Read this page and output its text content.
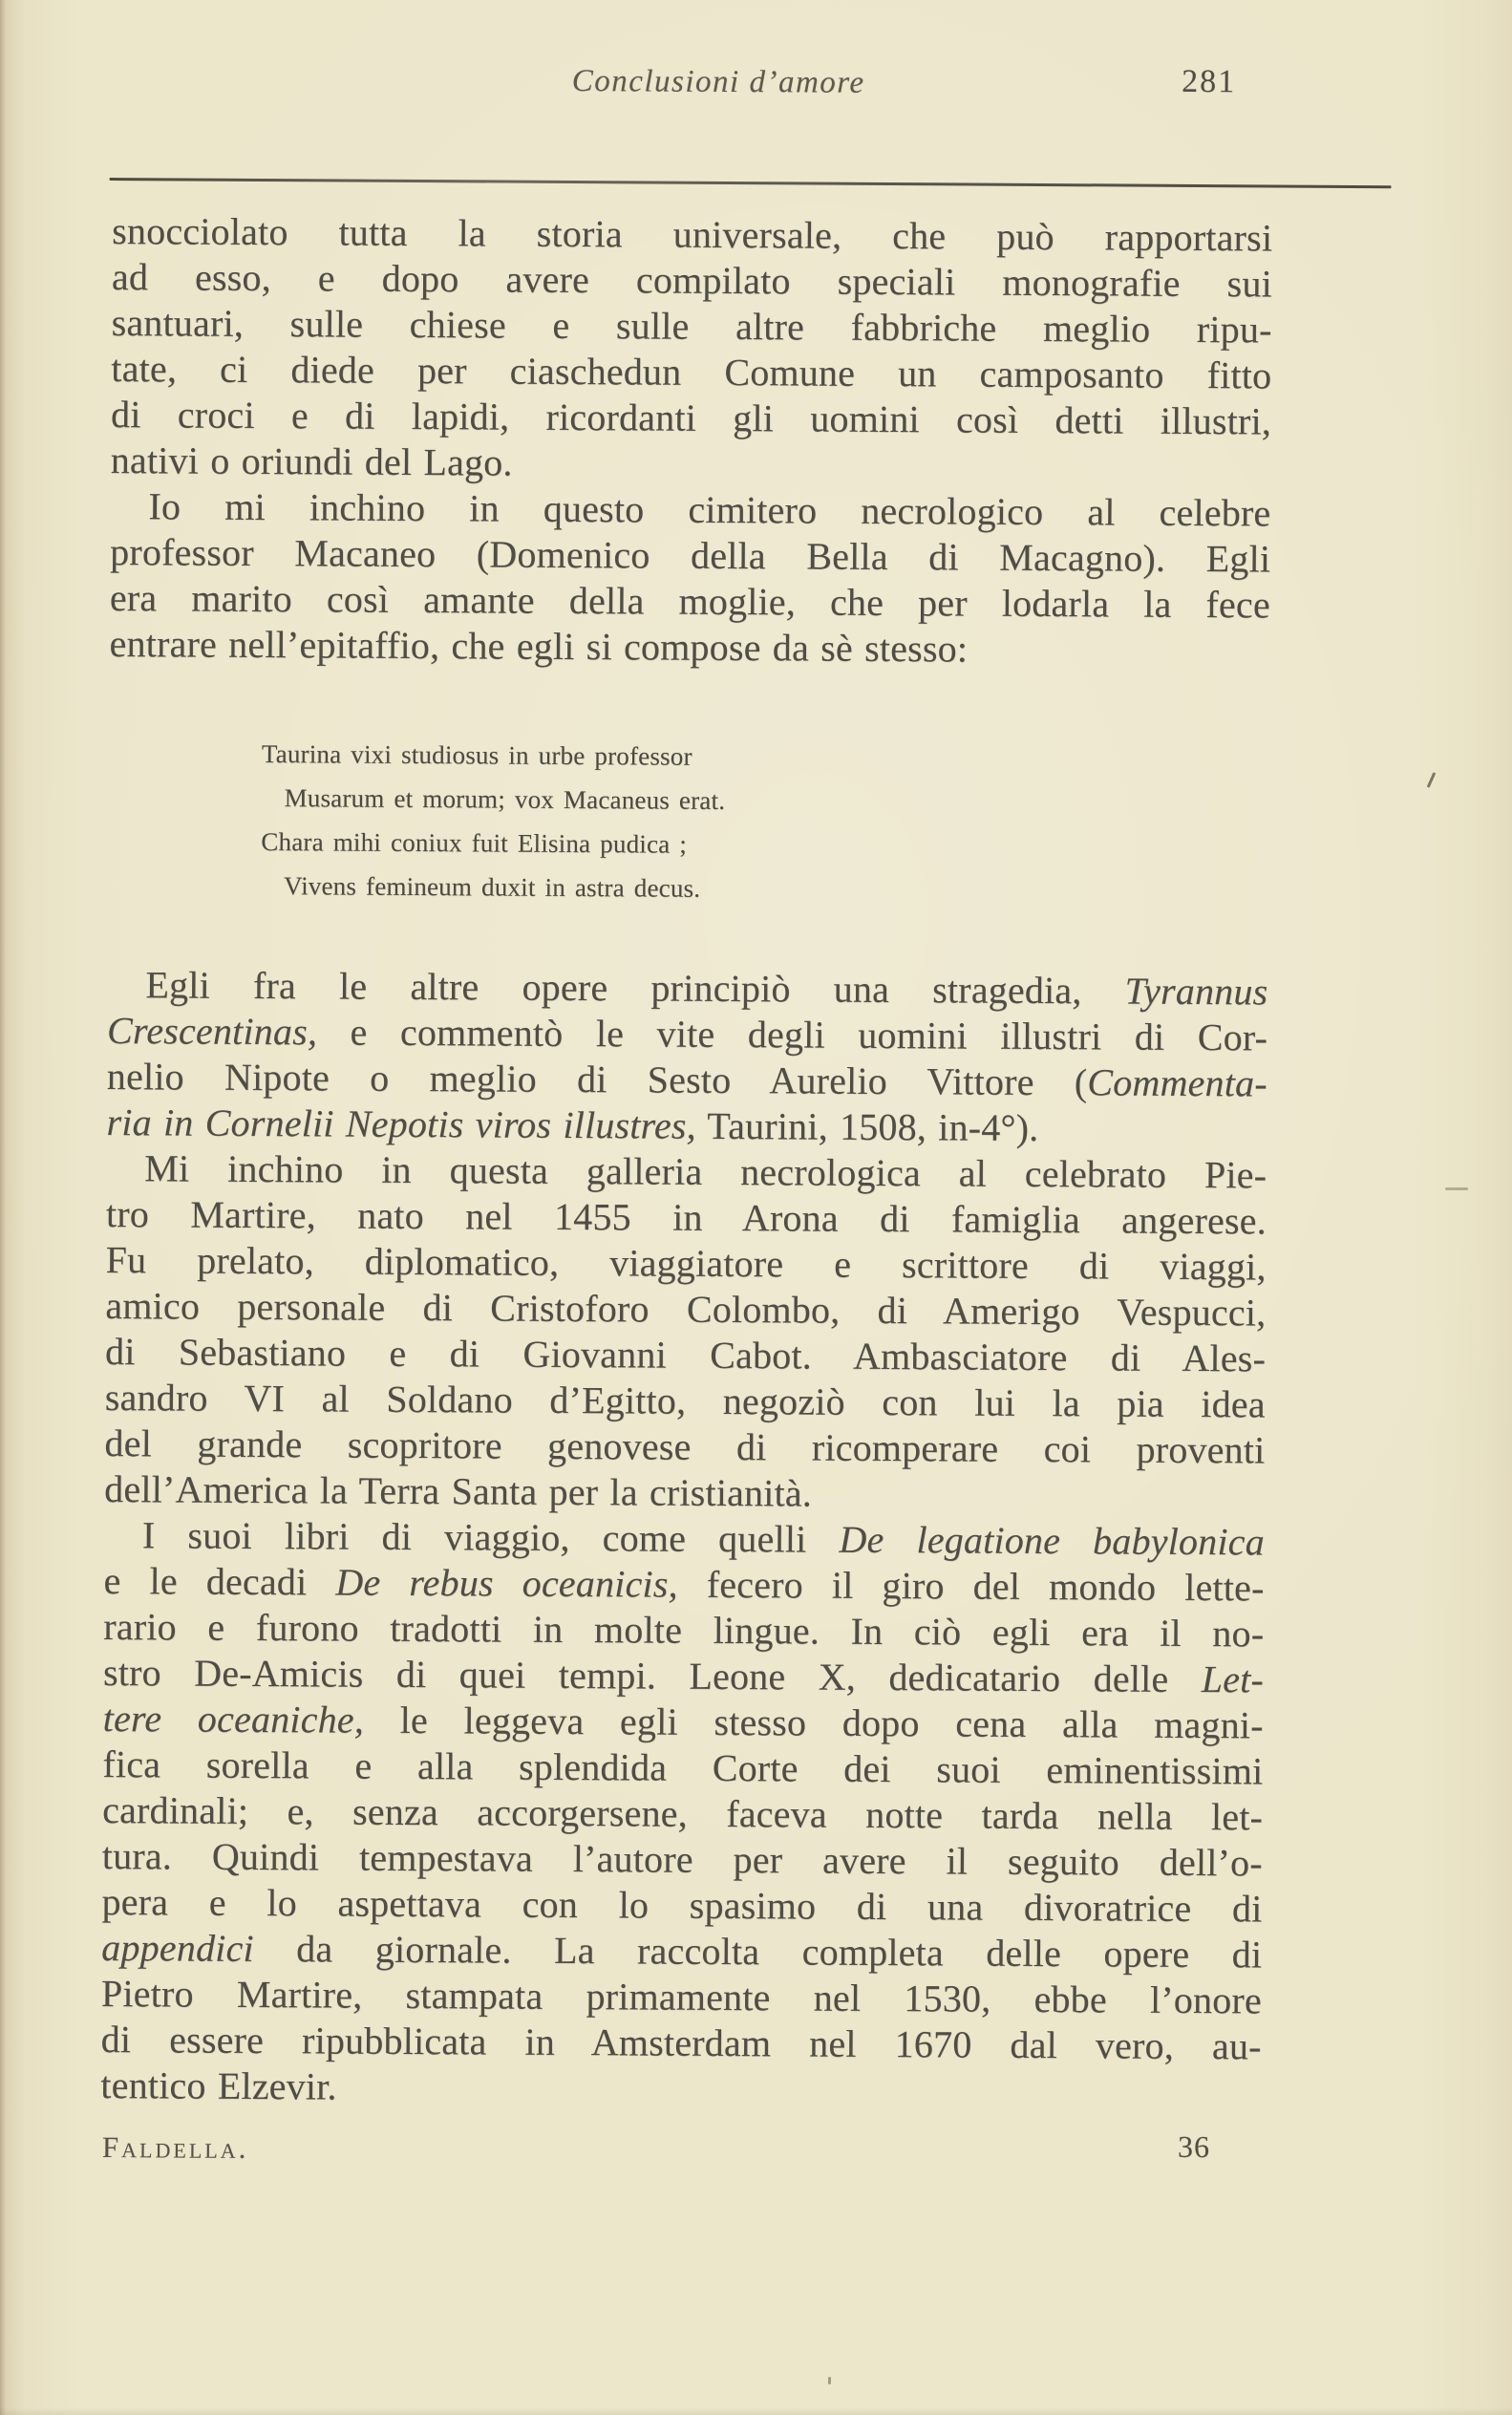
Conclusioni d’amore	281
snocciolato tutta la storia universale, che può rapportarsi
ad esso, e dopo avere compilato speciali monografie sui
santuari, sulle chiese e sulle altre fabbriche meglio ripu-
tate, ci diede per ciaschedun Comune un camposanto fitto
di croci e di lapidi, ricordanti gli uomini così detti illustri,
nativi o oriundi del Lago.
Io mi inchino in questo cimitero necrologico al celebre
professor Macaneo (Domenico della Bella di Macagno). Egli
era marito così amante della moglie, che per lodarla la fece
entrare nell’epitaffio, che egli si compose da sè stesso:
Taurina vixi studiosus in urbe professor
Musarum et morum; vox Macaneus erat.
Chara mihi coniux fuit Elisina pudica ;
Vivens femineum duxit in astra decus.
Egli fra le altre opere principiò una stragedia, Tyrannus
Crescentinas, e commentò le vite degli uomini illustri di Cor-
nelio Nipote o meglio di Sesto Aurelio Vittore (Commenta-
ria in Cornelii Nepotis viros illustres, Taurini, 1508, in-4°).
Mi inchino in questa galleria necrologica al celebrato Pie-
tro Martire, nato nel 1455 in Arona di famiglia angerese.
Fu prelato, diplomatico, viaggiatore e scrittore di viaggi,
amico personale di Cristoforo Colombo, di Amerigo Vespucci,
di Sebastiano e di Giovanni Cabot. Ambasciatore di Ales-
sandro VI al Soldano d’Egitto, negoziò con lui la pia idea
del grande scopritore genovese di ricomperare coi proventi
dell’America la Terra Santa per la cristianità.
I suoi libri di viaggio, come quelli De legatione babylonica
e le decadi De rebus oceanicis, fecero il giro del mondo lette-
rario e furono tradotti in molte lingue. In ciò egli era il no-
stro De-Amicis di quei tempi. Leone X, dedicatario delle Let-
tere oceaniche, le leggeva egli stesso dopo cena alla magni-
fica sorella e alla splendida Corte dei suoi eminentissimi
cardinali; e, senza accorgersene, faceva notte tarda nella let-
tura. Quindi tempestava l’autore per avere il seguito dell’o-
pera e lo aspettava con lo spasimo di una divoratrice di
appendici da giornale. La raccolta completa delle opere di
Pietro Martire, stampata primamente nel 1530, ebbe l’onore
di essere ripubblicata in Amsterdam nel 1670 dal vero, au-
tentico Elzevir.
Faldella.	36
